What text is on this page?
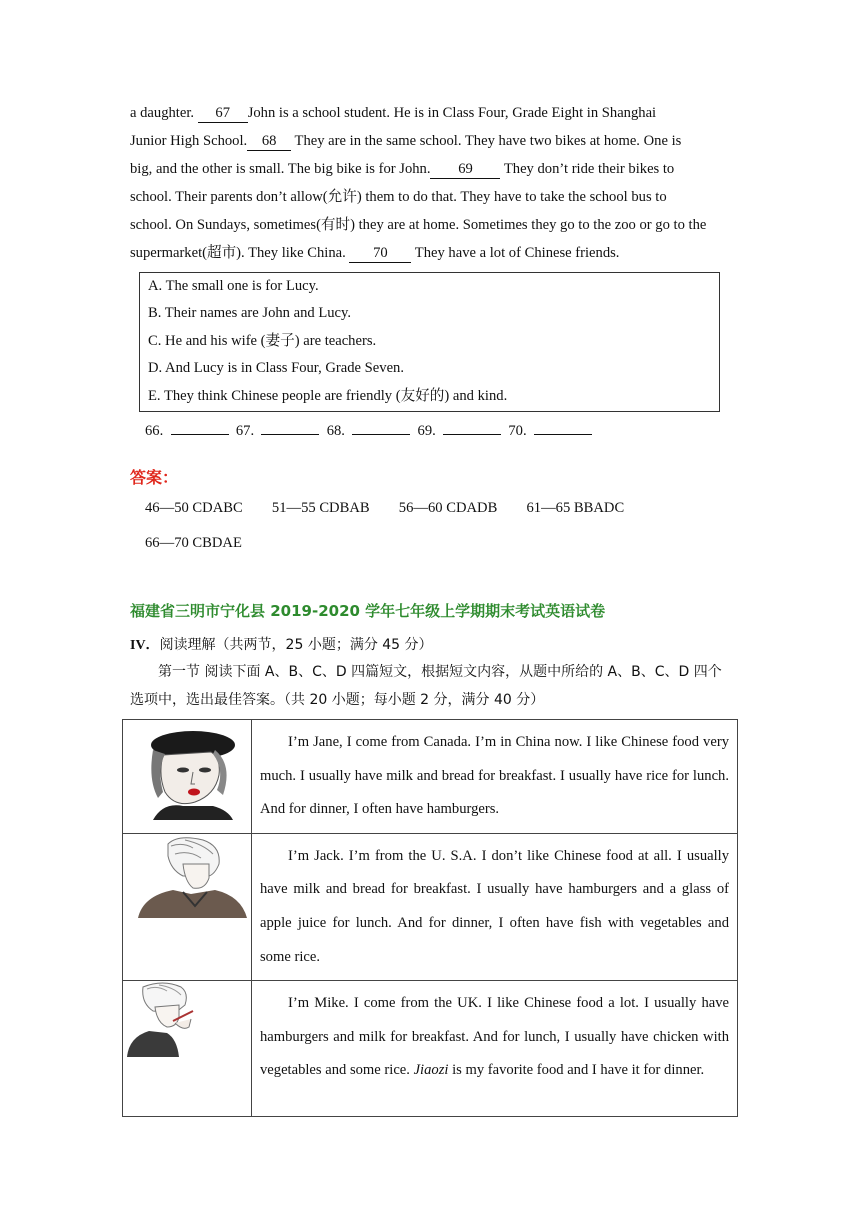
a daughter. 67 John is a school student. He is in Class Four, Grade Eight in Shanghai
Junior High School. 68 They are in the same school. They have two bikes at home. One is
big, and the other is small. The big bike is for John. 69 They don’t ride their bikes to
school. Their parents don’t allow(允许) them to do that. They have to take the school bus to
school. On Sundays, sometimes(有时) they are at home. Sometimes they go to the zoo or go to the
supermarket(超市). They like China. 70 They have a lot of Chinese friends.
A. The small one is for Lucy.
B. Their names are John and Lucy.
C. He and his wife (妻子) are teachers.
D. And Lucy is in Class Four, Grade Seven.
E. They think Chinese people are friendly (友好的) and kind.
66.	67.	68.	69.	70.
答案：
46—50 CDABC        51—55 CDBAB        56—60 CDADB        61—65 BBADC
66—70 CBDAE
福建省三明市宁化县 2019-2020 学年七年级上学期期末考试英语试卷
IV．阅读理解（共两节，25 小题；满分 45 分）
第一节 阅读下面 A、B、C、D 四篇短文，根据短文内容，从题中所给的 A、B、C、D 四个选项中，选出最佳答案。（共 20 小题；每小题 2 分，满分 40 分）
	I’m Jane, I come from Canada. I’m in China now. I like Chinese food very much. I usually have milk and bread for breakfast. I usually have rice for lunch. And for dinner, I often have hamburgers.

	I’m Jack. I’m from the U. S.A. I don’t like Chinese food at all. I usually have milk and bread for breakfast. I usually have hamburgers and a glass of apple juice for lunch. And for dinner, I often have fish with vegetables and some rice.

	I’m Mike. I come from the UK. I like Chinese food a lot. I usually have hamburgers and milk for breakfast. And for lunch, I usually have chicken with vegetables and some rice. Jiaozi is my favorite food and I have it for dinner.
